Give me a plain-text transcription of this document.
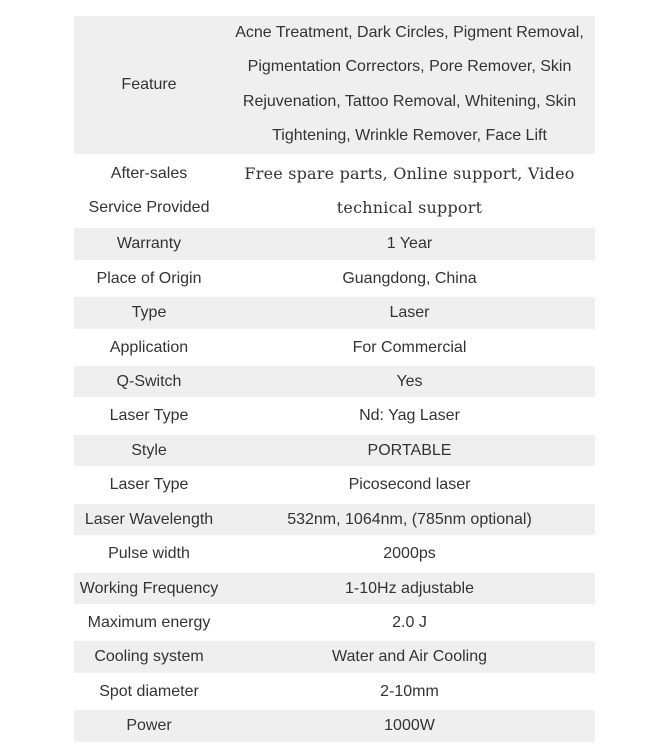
Feature	Acne Treatment, Dark Circles, Pigment Removal, Pigmentation Correctors, Pore Remover, Skin Rejuvenation, Tattoo Removal, Whitening, Skin Tightening, Wrinkle Remover, Face Lift
After-sales Service Provided	Free spare parts, Online support, Video technical support
Warranty	1 Year
Place of Origin	Guangdong, China
Type	Laser
Application	For Commercial
Q-Switch	Yes
Laser Type	Nd: Yag Laser
Style	PORTABLE
Laser Type	Picosecond laser
Laser Wavelength	532nm, 1064nm, (785nm optional)
Pulse width	2000ps
Working Frequency	1-10Hz adjustable
Maximum energy	2.0 J
Cooling system	Water and Air Cooling
Spot diameter	2-10mm
Power	1000W
